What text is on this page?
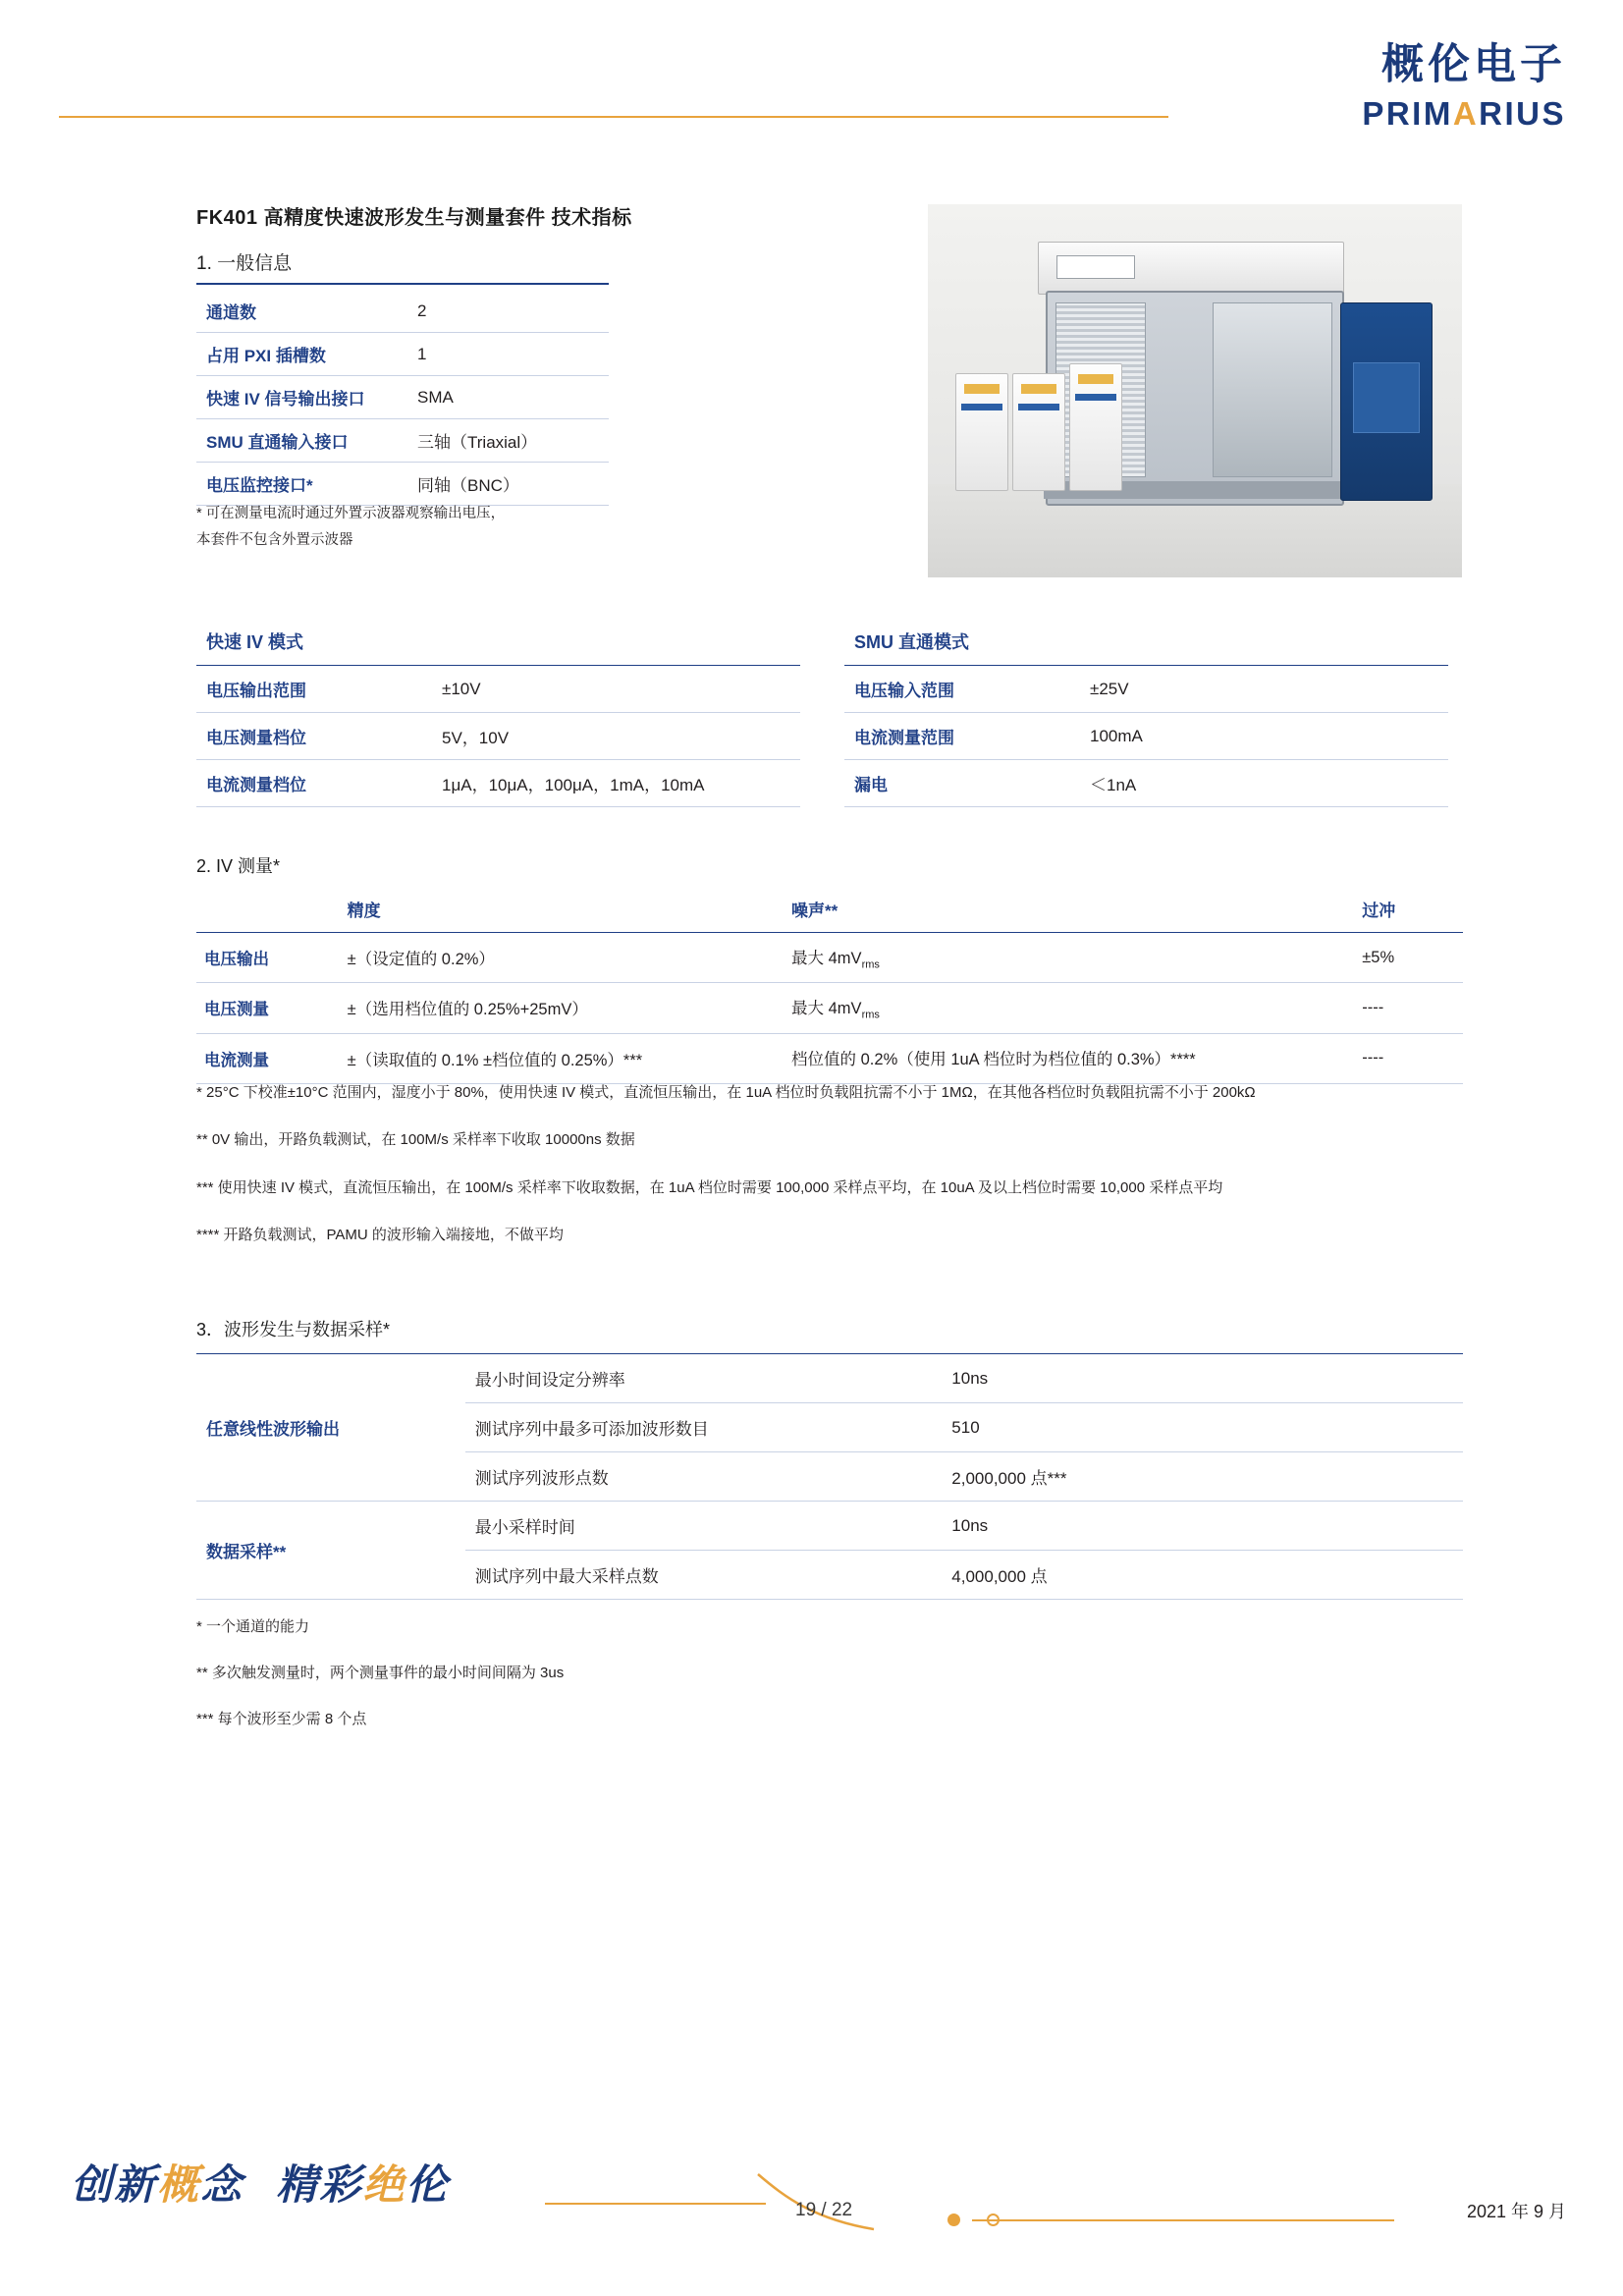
概伦电子
PRIMARIUS
FK401 高精度快速波形发生与测量套件 技术指标
1. 一般信息
通道数	2
占用 PXI 插槽数	1
快速 IV 信号输出接口	SMA
SMU 直通输入接口	三轴（Triaxial）
电压监控接口*	同轴（BNC）
* 可在测量电流时通过外置示波器观察输出电压，
本套件不包含外置示波器
快速 IV 模式
电压输出范围	±10V
电压测量档位	5V，10V
电流测量档位	1μA，10μA，100μA，1mA，10mA
SMU 直通模式
电压输入范围	±25V
电流测量范围	100mA
漏电	＜1nA
2. IV 测量*
	精度	噪声**	过冲
电压输出	±（设定值的 0.2%）	最大 $4mV_{rms}$	±5%
电压测量	±（选用档位值的 0.25%+25mV）	最大 $4mV_{rms}$	----
电流测量	±（读取值的 0.1% ±档位值的 0.25%）***	档位值的 0.2%（使用 1uA 档位时为档位值的 0.3%）****	----

* 25°C 下校准±10°C 范围内，湿度小于 80%，使用快速 IV 模式，直流恒压输出，在 1uA 档位时负载阻抗需不小于 1MΩ，在其他各档位时负载阻抗需不小于 200kΩ

** 0V 输出，开路负载测试，在 100M/s 采样率下收取 10000ns 数据

*** 使用快速 IV 模式，直流恒压输出，在 100M/s 采样率下收取数据，在 1uA 档位时需要 100,000 采样点平均，在 10uA 及以上档位时需要 10,000 采样点平均

**** 开路负载测试，PAMU 的波形输入端接地，不做平均

3．波形发生与数据采样*
任意线性波形输出	最小时间设定分辨率	10ns
	测试序列中最多可添加波形数目	510
	测试序列波形点数	2,000,000 点***
数据采样**	最小采样时间	10ns
	测试序列中最大采样点数	4,000,000 点

* 一个通道的能力

** 多次触发测量时，两个测量事件的最小时间间隔为 3us

*** 每个波形至少需 8 个点

创新概念 精彩绝伦
19 / 22	2021 年 9 月
